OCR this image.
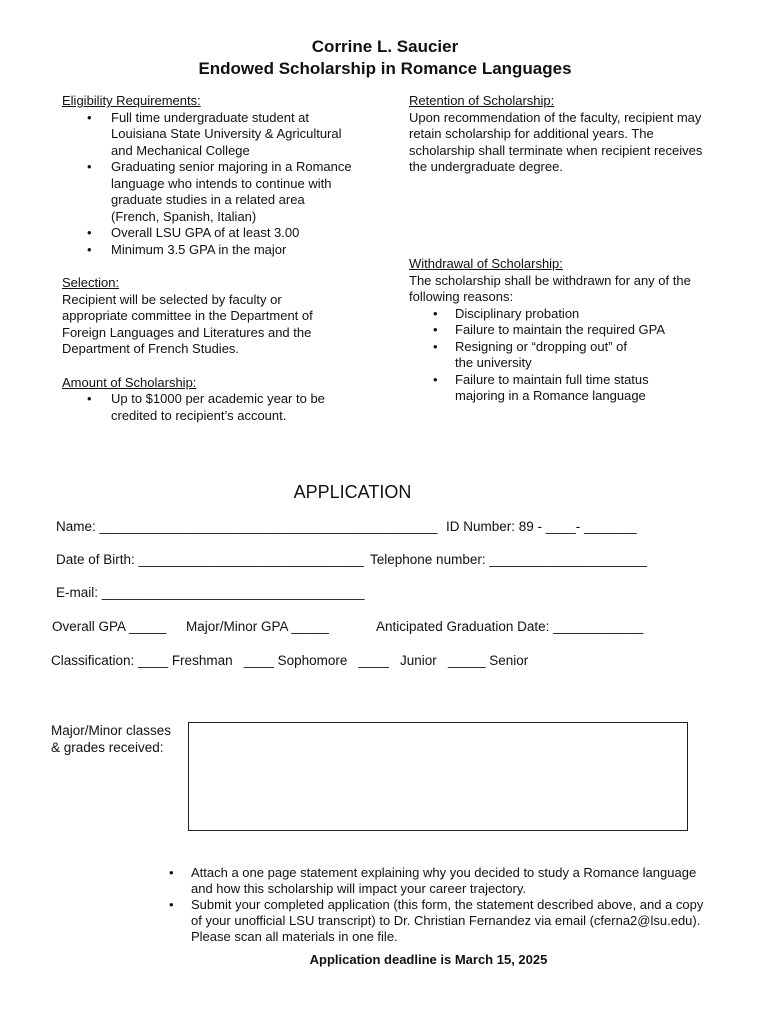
Corrine L. Saucier
Endowed Scholarship in Romance Languages
Eligibility Requirements:
• Full time undergraduate student at Louisiana State University & Agricultural and Mechanical College
• Graduating senior majoring in a Romance language who intends to continue with graduate studies in a related area
(French, Spanish, Italian)
• Overall LSU GPA of at least 3.00
• Minimum 3.5 GPA in the major
Selection:
Recipient will be selected by faculty or appropriate committee in the Department of Foreign Languages and Literatures and the Department of French Studies.
Amount of Scholarship:
• Up to $1000 per academic year to be credited to recipient’s account.
Retention of Scholarship:
Upon recommendation of the faculty, recipient may retain scholarship for additional years. The scholarship shall terminate when recipient receives the undergraduate degree.
Withdrawal of Scholarship:
The scholarship shall be withdrawn for any of the following reasons:
• Disciplinary probation
• Failure to maintain the required GPA
• Resigning or “dropping out” of the university
• Failure to maintain full time status majoring in a Romance language
APPLICATION
Name: _____________________________________________ ID Number: 89 - ____- _______
Date of Birth: ______________________________ Telephone number: _____________________
E-mail: ___________________________________
Overall GPA _____ Major/Minor GPA _____	Anticipated Graduation Date: ____________
Classification: ____ Freshman   ____ Sophomore   ____   Junior   _____ Senior
Major/Minor classes
& grades received:
• Attach a one page statement explaining why you decided to study a Romance language and how this scholarship will impact your career trajectory.
• Submit your completed application (this form, the statement described above, and a copy of your unofficial LSU transcript) to Dr. Christian Fernandez via email (cferna2@lsu.edu). Please scan all materials in one file.
Application deadline is March 15, 2025
